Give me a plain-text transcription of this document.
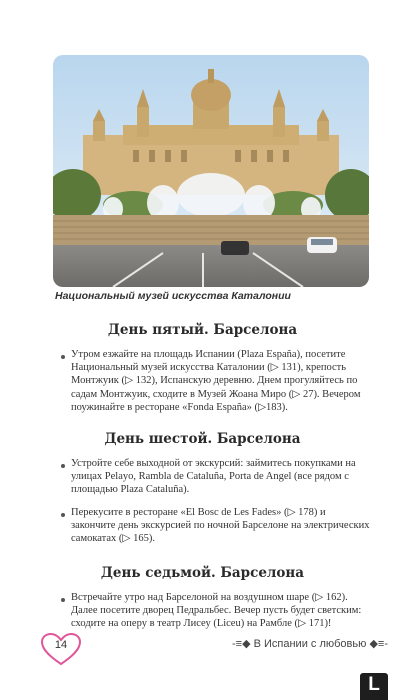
Национальный музей искусства Каталонии
День пятый. Барселона

Утром езжайте на площадь Испании (Plaza España), посетите Национальный музей искусства Каталонии (▷ 131), крепость Монтжуик (▷ 132), Испанскую деревню. Днем прогуляйтесь по садам Монтжуик, сходите в Музей Жоана Миро (▷ 27). Вечером поужинайте в ресторане «Fonda España» (▷183).

День шестой. Барселона

Устройте себе выходной от экскурсий: займитесь покупками на улицах Pelayo, Rambla de Cataluña, Porta de Angel (все рядом с площадью Plaza Cataluña).

Перекусите в ресторане «El Bosc de Les Fades» (▷ 178) и закончите день экскурсией по ночной Барселоне на электрических самокатах (▷ 165).

День седьмой. Барселона

Встречайте утро над Барселоной на воздушном шаре (▷ 162). Далее посетите дворец Педральбес. Вечер пусть будет светским: сходите на оперу в театр Лисеу (Liceu) на Рамбле (▷ 171)!

14	-≡◆ В Испании с любовью ◆≡-
L
